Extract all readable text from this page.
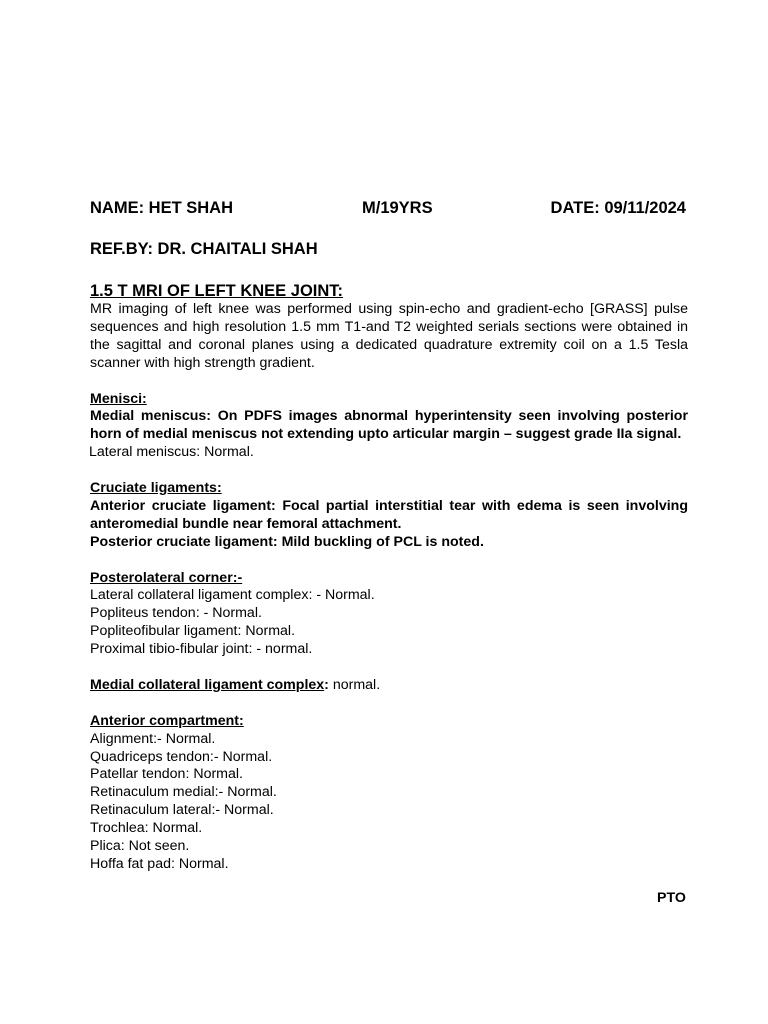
NAME: HET SHAH	M/19YRS	DATE: 09/11/2024
REF.BY: DR. CHAITALI SHAH
1.5 T MRI OF LEFT KNEE JOINT:

MR imaging of left knee was performed using spin-echo and gradient-echo [GRASS] pulse sequences and high resolution 1.5 mm T1-and T2 weighted serials sections were obtained in the sagittal and coronal planes using a dedicated quadrature extremity coil on a 1.5 Tesla scanner with high strength gradient.

Menisci:

Medial meniscus: On PDFS images abnormal hyperintensity seen involving posterior horn of medial meniscus not extending upto articular margin – suggest grade IIa signal.

Lateral meniscus: Normal.

Cruciate ligaments:

Anterior cruciate ligament: Focal partial interstitial tear with edema is seen involving anteromedial bundle near femoral attachment.

Posterior cruciate ligament: Mild buckling of PCL is noted.

Posterolateral corner:-

Lateral collateral ligament complex: - Normal.

Popliteus tendon: - Normal.

Popliteofibular ligament: Normal.

Proximal tibio-fibular joint: - normal.

Medial collateral ligament complex: normal.

Anterior compartment:

Alignment:- Normal.

Quadriceps tendon:- Normal.

Patellar tendon: Normal.

Retinaculum medial:- Normal.

Retinaculum lateral:- Normal.

Trochlea: Normal.

Plica: Not seen.

Hoffa fat pad: Normal.

PTO
